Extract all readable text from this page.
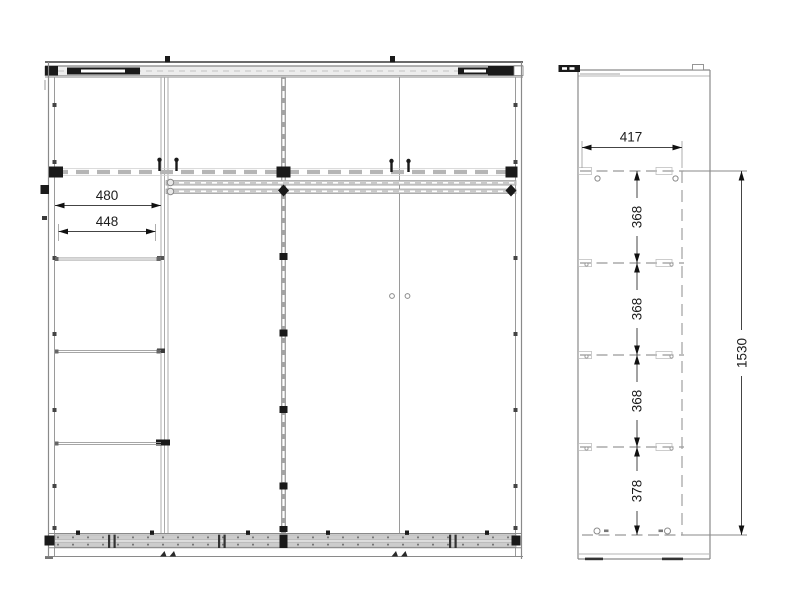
480
448
417
368
368
368
378
1530
